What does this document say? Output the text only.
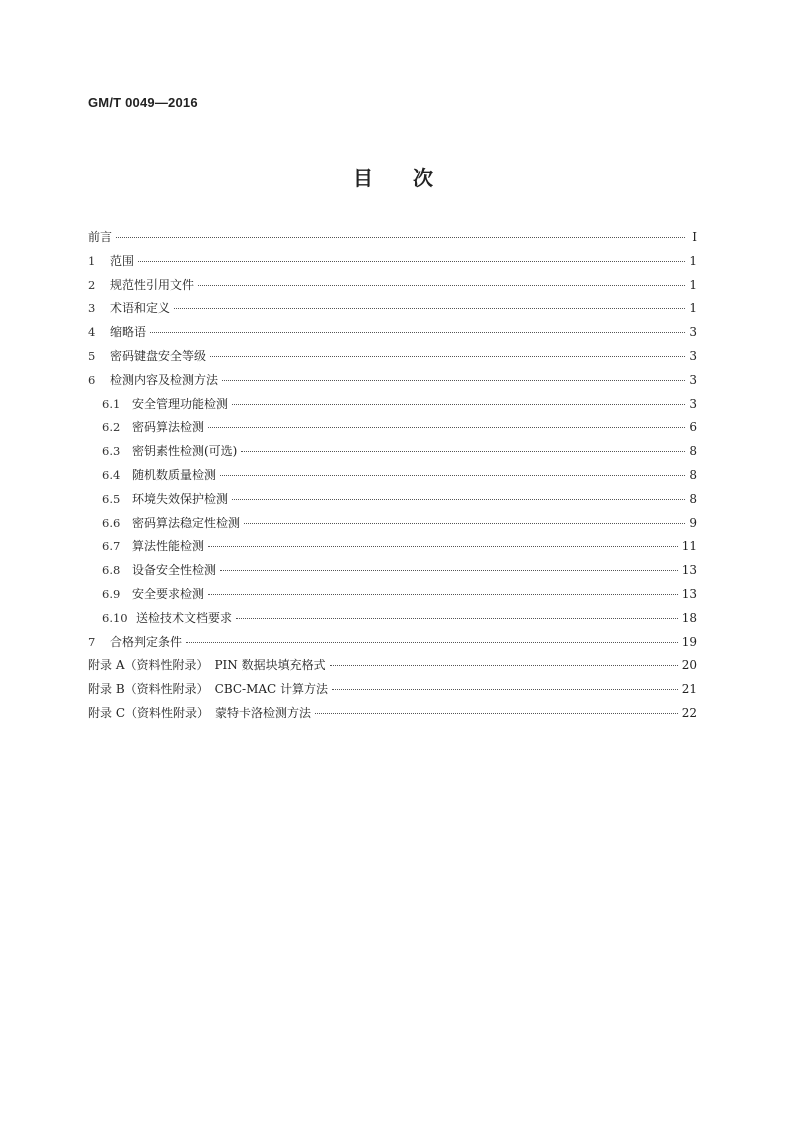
GM/T 0049—2016
目　　次
前言	Ⅰ
1	范围	1
2	规范性引用文件	1
3	术语和定义	1
4	缩略语	3
5	密码键盘安全等级	3
6	检测内容及检测方法	3
6.1 安全管理功能检测	3
6.2 密码算法检测	6
6.3 密钥素性检测(可选)	8
6.4 随机数质量检测	8
6.5 环境失效保护检测	8
6.6 密码算法稳定性检测	9
6.7 算法性能检测	11
6.8 设备安全性检测	13
6.9 安全要求检测	13
6.10 送检技术文档要求	18
7	合格判定条件	19
附录 A（资料性附录）　PIN 数据块填充格式	20
附录 B（资料性附录）　CBC-MAC 计算方法	21
附录 C（资料性附录）　蒙特卡洛检测方法	22
